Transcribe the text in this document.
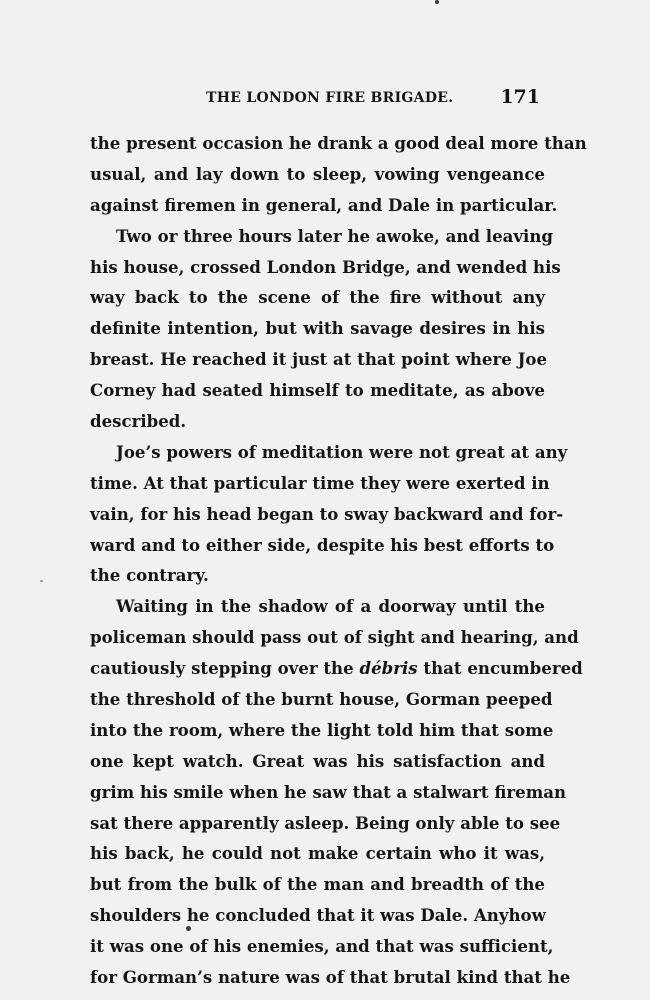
THE LONDON FIRE BRIGADE. 171
the present occasion he drank a good deal more than
usual, and lay down to sleep, vowing vengeance
against firemen in general, and Dale in particular.
Two or three hours later he awoke, and leaving
his house, crossed London Bridge, and wended his
way back to the scene of the fire without any
definite intention, but with savage desires in his
breast. He reached it just at that point where Joe
Corney had seated himself to meditate, as above
described.
Joe’s powers of meditation were not great at any
time. At that particular time they were exerted in
vain, for his head began to sway backward and for-
ward and to either side, despite his best efforts to
the contrary.
Waiting in the shadow of a doorway until the
policeman should pass out of sight and hearing, and
cautiously stepping over the débris that encumbered
the threshold of the burnt house, Gorman peeped
into the room, where the light told him that some
one kept watch. Great was his satisfaction and
grim his smile when he saw that a stalwart fireman
sat there apparently asleep. Being only able to see
his back, he could not make certain who it was,
but from the bulk of the man and breadth of the
shoulders he concluded that it was Dale. Anyhow
it was one of his enemies, and that was sufficient,
for Gorman’s nature was of that brutal kind that he
